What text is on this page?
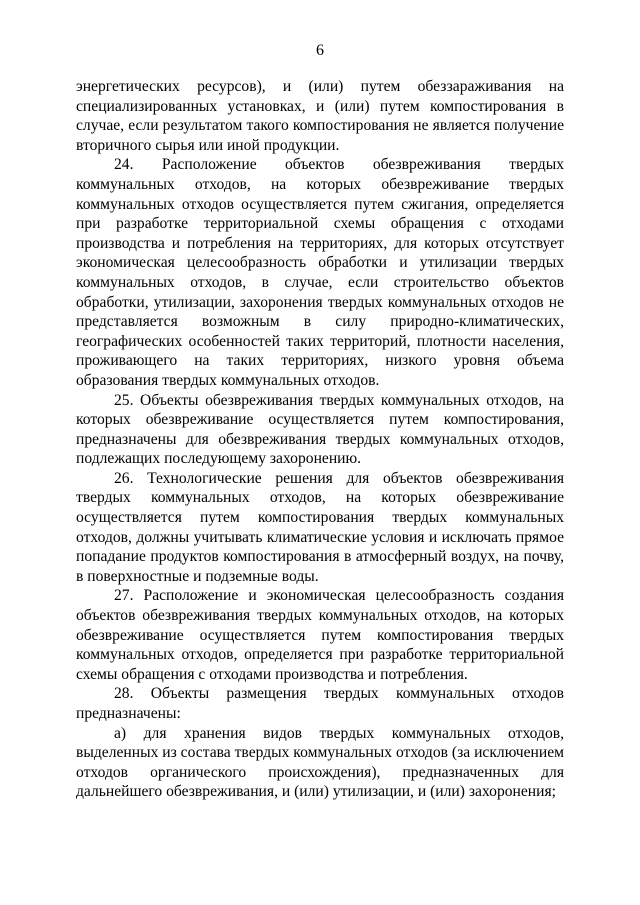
6

энергетических ресурсов), и (или) путем обеззараживания на специализированных установках, и (или) путем компостирования в случае, если результатом такого компостирования не является получение вторичного сырья или иной продукции.

24. Расположение объектов обезвреживания твердых коммунальных отходов, на которых обезвреживание твердых коммунальных отходов осуществляется путем сжигания, определяется при разработке территориальной схемы обращения с отходами производства и потребления на территориях, для которых отсутствует экономическая целесообразность обработки и утилизации твердых коммунальных отходов, в случае, если строительство объектов обработки, утилизации, захоронения твердых коммунальных отходов не представляется возможным в силу природно-климатических, географических особенностей таких территорий, плотности населения, проживающего на таких территориях, низкого уровня объема образования твердых коммунальных отходов.

25. Объекты обезвреживания твердых коммунальных отходов, на которых обезвреживание осуществляется путем компостирования, предназначены для обезвреживания твердых коммунальных отходов, подлежащих последующему захоронению.

26. Технологические решения для объектов обезвреживания твердых коммунальных отходов, на которых обезвреживание осуществляется путем компостирования твердых коммунальных отходов, должны учитывать климатические условия и исключать прямое попадание продуктов компостирования в атмосферный воздух, на почву, в поверхностные и подземные воды.

27. Расположение и экономическая целесообразность создания объектов обезвреживания твердых коммунальных отходов, на которых обезвреживание осуществляется путем компостирования твердых коммунальных отходов, определяется при разработке территориальной схемы обращения с отходами производства и потребления.

28. Объекты размещения твердых коммунальных отходов предназначены:

а) для хранения видов твердых коммунальных отходов, выделенных из состава твердых коммунальных отходов (за исключением отходов органического происхождения), предназначенных для дальнейшего обезвреживания, и (или) утилизации, и (или) захоронения;
